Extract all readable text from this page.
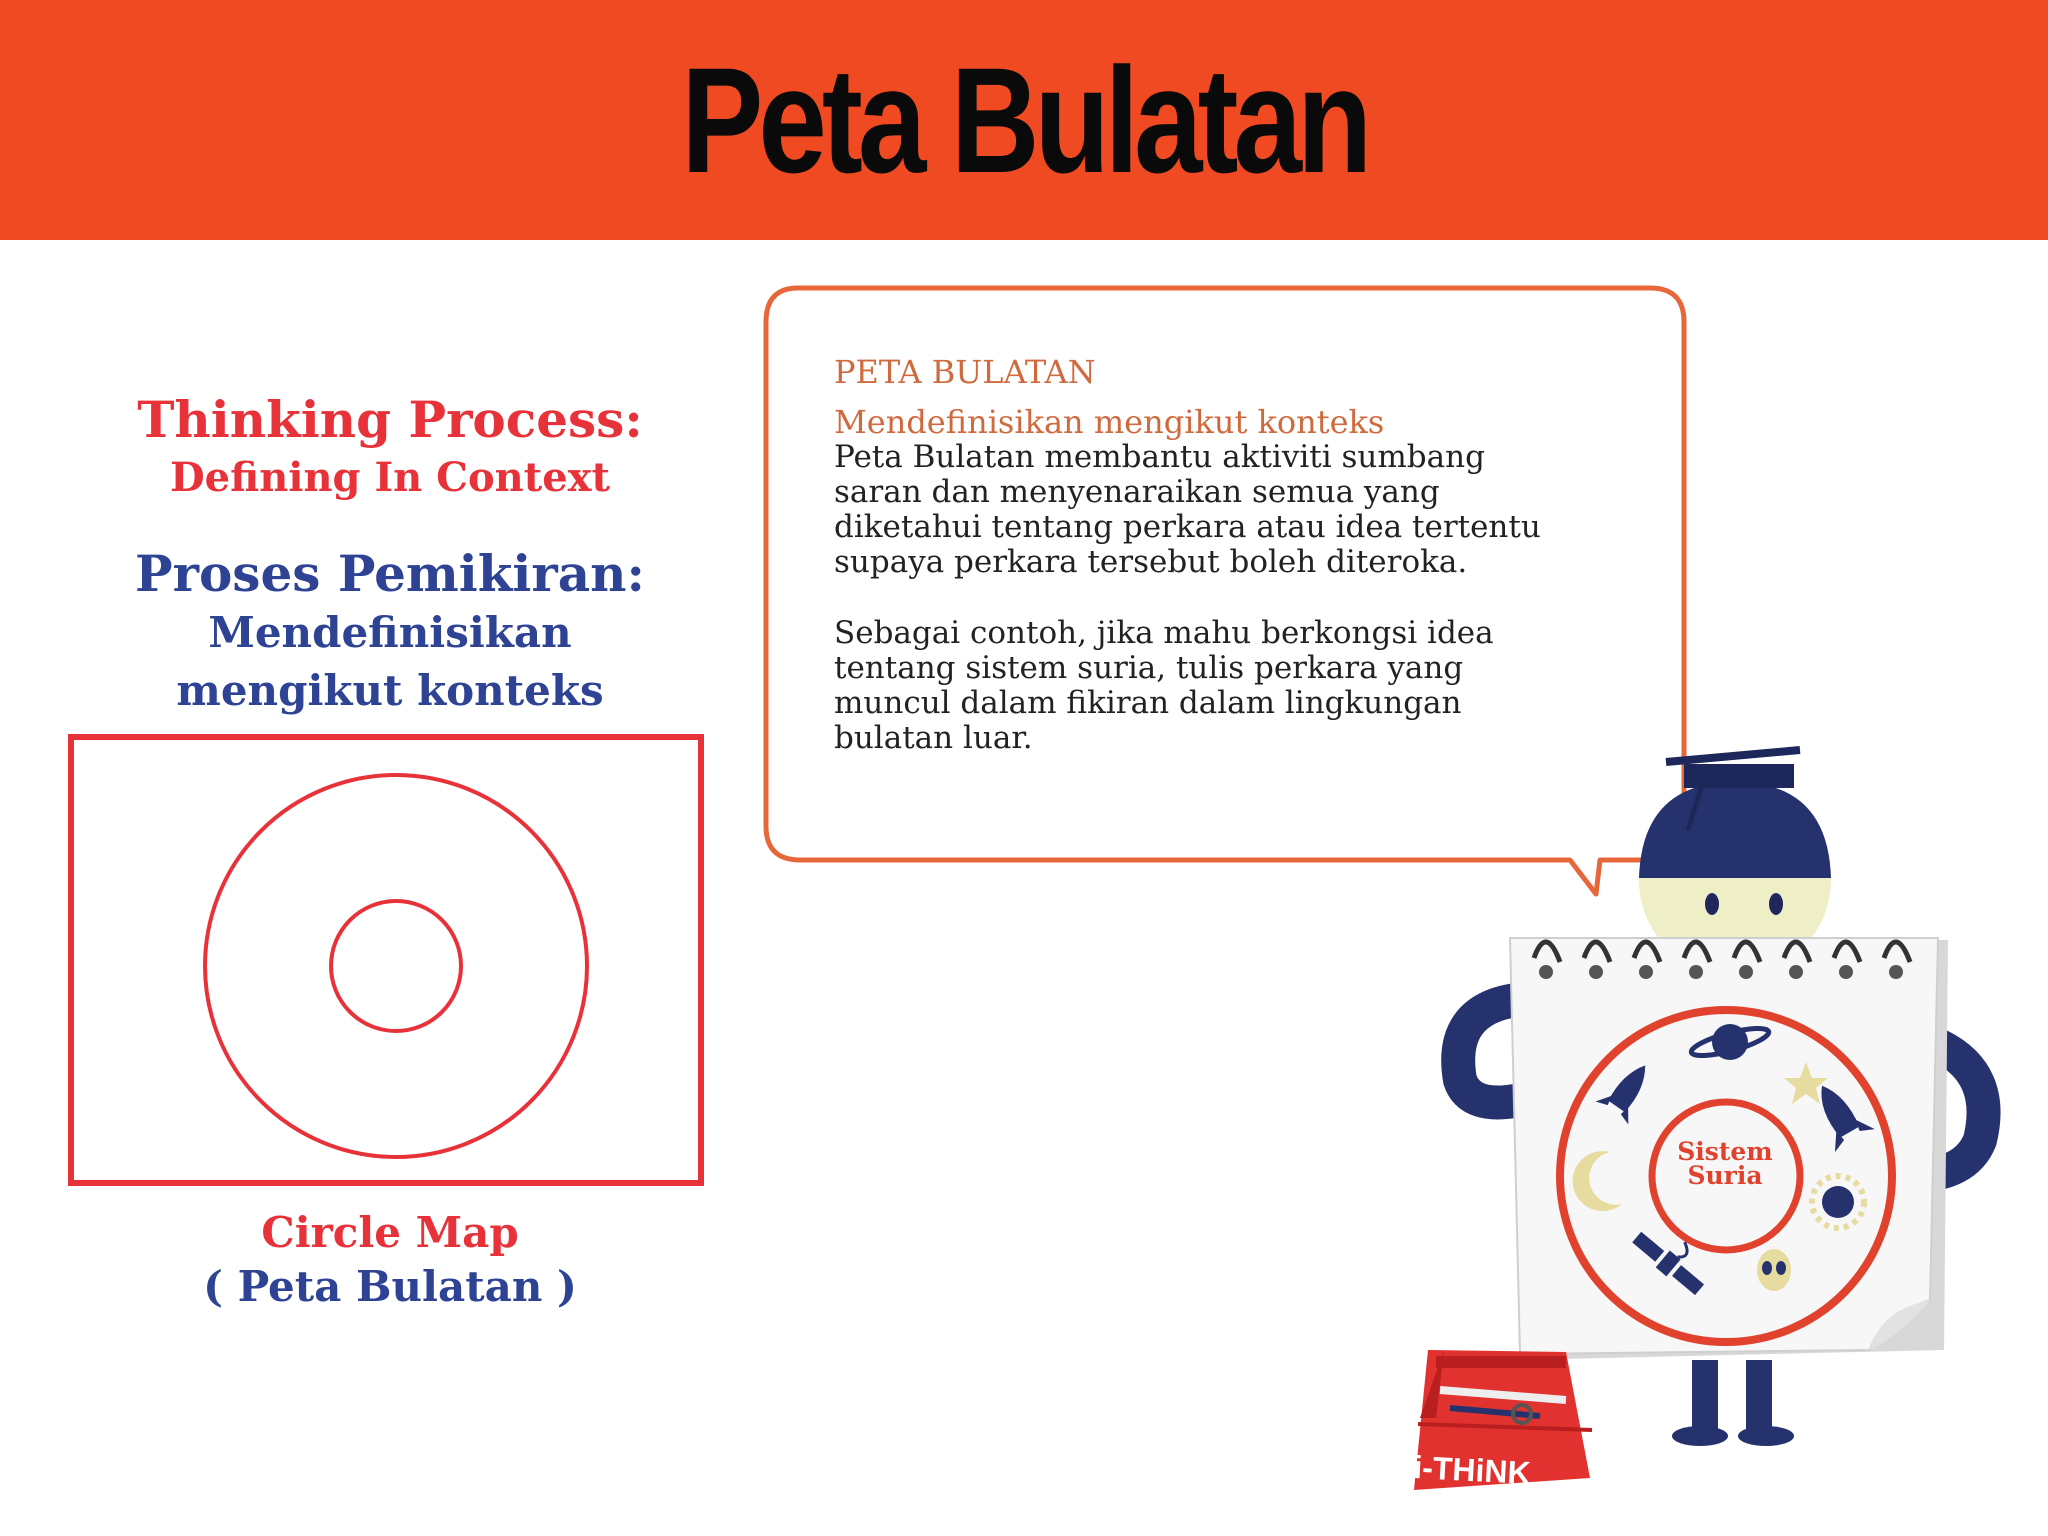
Peta Bulatan
Thinking Process:
Defining In Context
Proses Pemikiran:
Mendefinisikan
mengikut konteks
Circle Map
( Peta Bulatan )
PETA BULATAN
Mendefinisikan mengikut konteks

Peta Bulatan membantu aktiviti sumbang

saran dan menyenaraikan semua yang

diketahui tentang perkara atau idea tertentu

supaya perkara tersebut boleh diteroka.

Sebagai contoh, jika mahu berkongsi idea

tentang sistem suria, tulis perkara yang

muncul dalam fikiran dalam lingkungan

bulatan luar.

Sistem
Suria
i-THiNK
